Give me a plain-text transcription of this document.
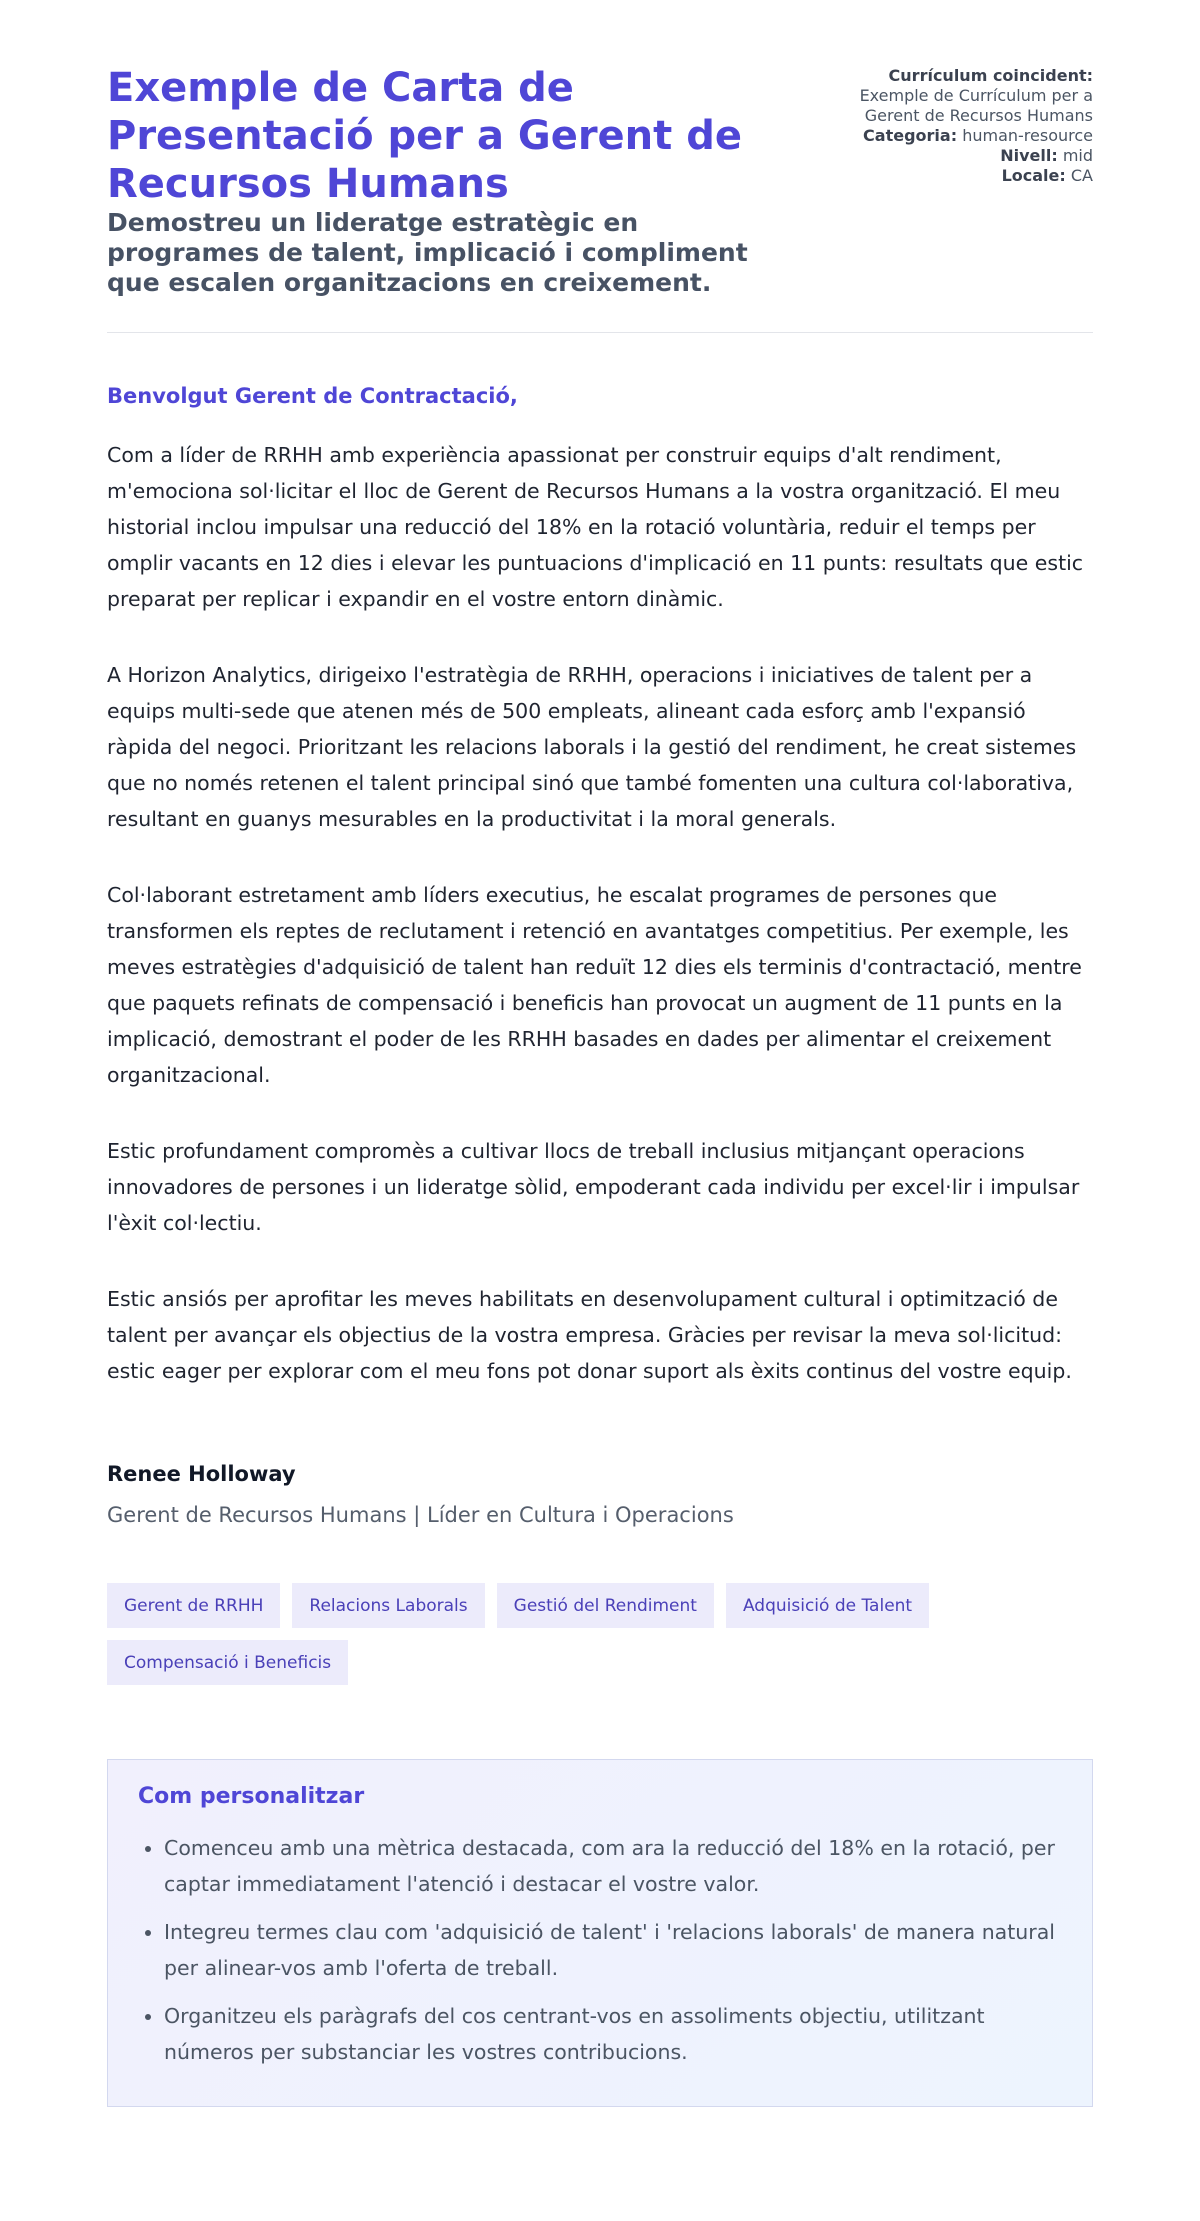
Exemple de Carta de Presentació per a Gerent de Recursos Humans

Demostreu un lideratge estratègic en programes de talent, implicació i compliment que escalen organitzacions en creixement.

Currículum coincident:
Exemple de Currículum per a Gerent de Recursos Humans
Categoria: human-resource
Nivell: mid
Locale: CA

Benvolgut Gerent de Contractació,

Com a líder de RRHH amb experiència apassionat per construir equips d'alt rendiment, m'emociona sol·licitar el lloc de Gerent de Recursos Humans a la vostra organització. El meu historial inclou impulsar una reducció del 18% en la rotació voluntària, reduir el temps per omplir vacants en 12 dies i elevar les puntuacions d'implicació en 11 punts: resultats que estic preparat per replicar i expandir en el vostre entorn dinàmic.

A Horizon Analytics, dirigeixo l'estratègia de RRHH, operacions i iniciatives de talent per a equips multi-sede que atenen més de 500 empleats, alineant cada esforç amb l'expansió ràpida del negoci. Prioritzant les relacions laborals i la gestió del rendiment, he creat sistemes que no només retenen el talent principal sinó que també fomenten una cultura col·laborativa, resultant en guanys mesurables en la productivitat i la moral generals.

Col·laborant estretament amb líders executius, he escalat programes de persones que transformen els reptes de reclutament i retenció en avantatges competitius. Per exemple, les meves estratègies d'adquisició de talent han reduït 12 dies els terminis d'contractació, mentre que paquets refinats de compensació i beneficis han provocat un augment de 11 punts en la implicació, demostrant el poder de les RRHH basades en dades per alimentar el creixement organitzacional.

Estic profundament compromès a cultivar llocs de treball inclusius mitjançant operacions innovadores de persones i un lideratge sòlid, empoderant cada individu per excel·lir i impulsar l'èxit col·lectiu.

Estic ansiós per aprofitar les meves habilitats en desenvolupament cultural i optimització de talent per avançar els objectius de la vostra empresa. Gràcies per revisar la meva sol·licitud: estic eager per explorar com el meu fons pot donar suport als èxits continus del vostre equip.

Renee Holloway

Gerent de Recursos Humans | Líder en Cultura i Operacions

Gerent de RRHH	Relacions Laborals	Gestió del Rendiment	Adquisició de Talent
Compensació i Beneficis
Com personalitzar
• Comenceu amb una mètrica destacada, com ara la reducció del 18% en la rotació, per captar immediatament l'atenció i destacar el vostre valor.
• Integreu termes clau com 'adquisició de talent' i 'relacions laborals' de manera natural per alinear-vos amb l'oferta de treball.
• Organitzeu els paràgrafs del cos centrant-vos en assoliments objectiu, utilitzant números per substanciar les vostres contribucions.
